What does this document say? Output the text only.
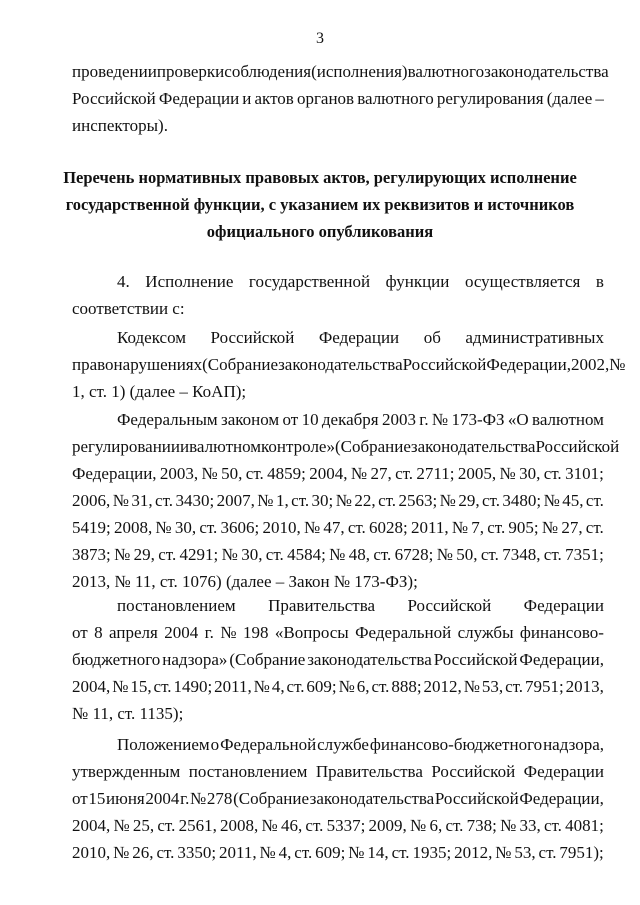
3
проведении проверки соблюдения (исполнения) валютного законодательства
Российской Федерации и актов органов валютного регулирования (далее –
инспекторы).
Перечень нормативных правовых актов, регулирующих исполнение
государственной функции, с указанием их реквизитов и источников
официального опубликования
4. Исполнение государственной функции осуществляется в
соответствии с:
Кодексом Российской Федерации об административных
правонарушениях (Собрание законодательства Российской Федерации, 2002, №
1, ст. 1) (далее – КоАП);
Федеральным законом от 10 декабря 2003 г. № 173-ФЗ «О валютном
регулировании и валютном контроле» (Собрание законодательства Российской
Федерации, 2003, № 50, ст. 4859; 2004, № 27, ст. 2711; 2005, № 30, ст. 3101;
2006, № 31, ст. 3430; 2007, № 1, ст. 30; № 22, ст. 2563; № 29, ст. 3480; № 45, ст.
5419; 2008, № 30, ст. 3606; 2010, № 47, ст. 6028; 2011, № 7, ст. 905; № 27, ст.
3873; № 29, ст. 4291; № 30, ст. 4584; № 48, ст. 6728; № 50, ст. 7348, ст. 7351;
2013, № 11, ст. 1076) (далее – Закон № 173-ФЗ);
постановлением Правительства Российской Федерации
от 8 апреля 2004 г. № 198 «Вопросы Федеральной службы финансово-
бюджетного надзора» (Собрание законодательства Российской Федерации,
2004, № 15, ст. 1490; 2011, № 4, ст. 609; № 6, ст. 888; 2012, № 53, ст. 7951; 2013,
№ 11, ст. 1135);
Положением о Федеральной службе финансово-бюджетного надзора,
утвержденным постановлением Правительства Российской Федерации
от 15 июня 2004 г. № 278 (Собрание законодательства Российской Федерации,
2004, № 25, ст. 2561, 2008, № 46, ст. 5337; 2009, № 6, ст. 738; № 33, ст. 4081;
2010, № 26, ст. 3350; 2011, № 4, ст. 609; № 14, ст. 1935; 2012, № 53, ст. 7951);
